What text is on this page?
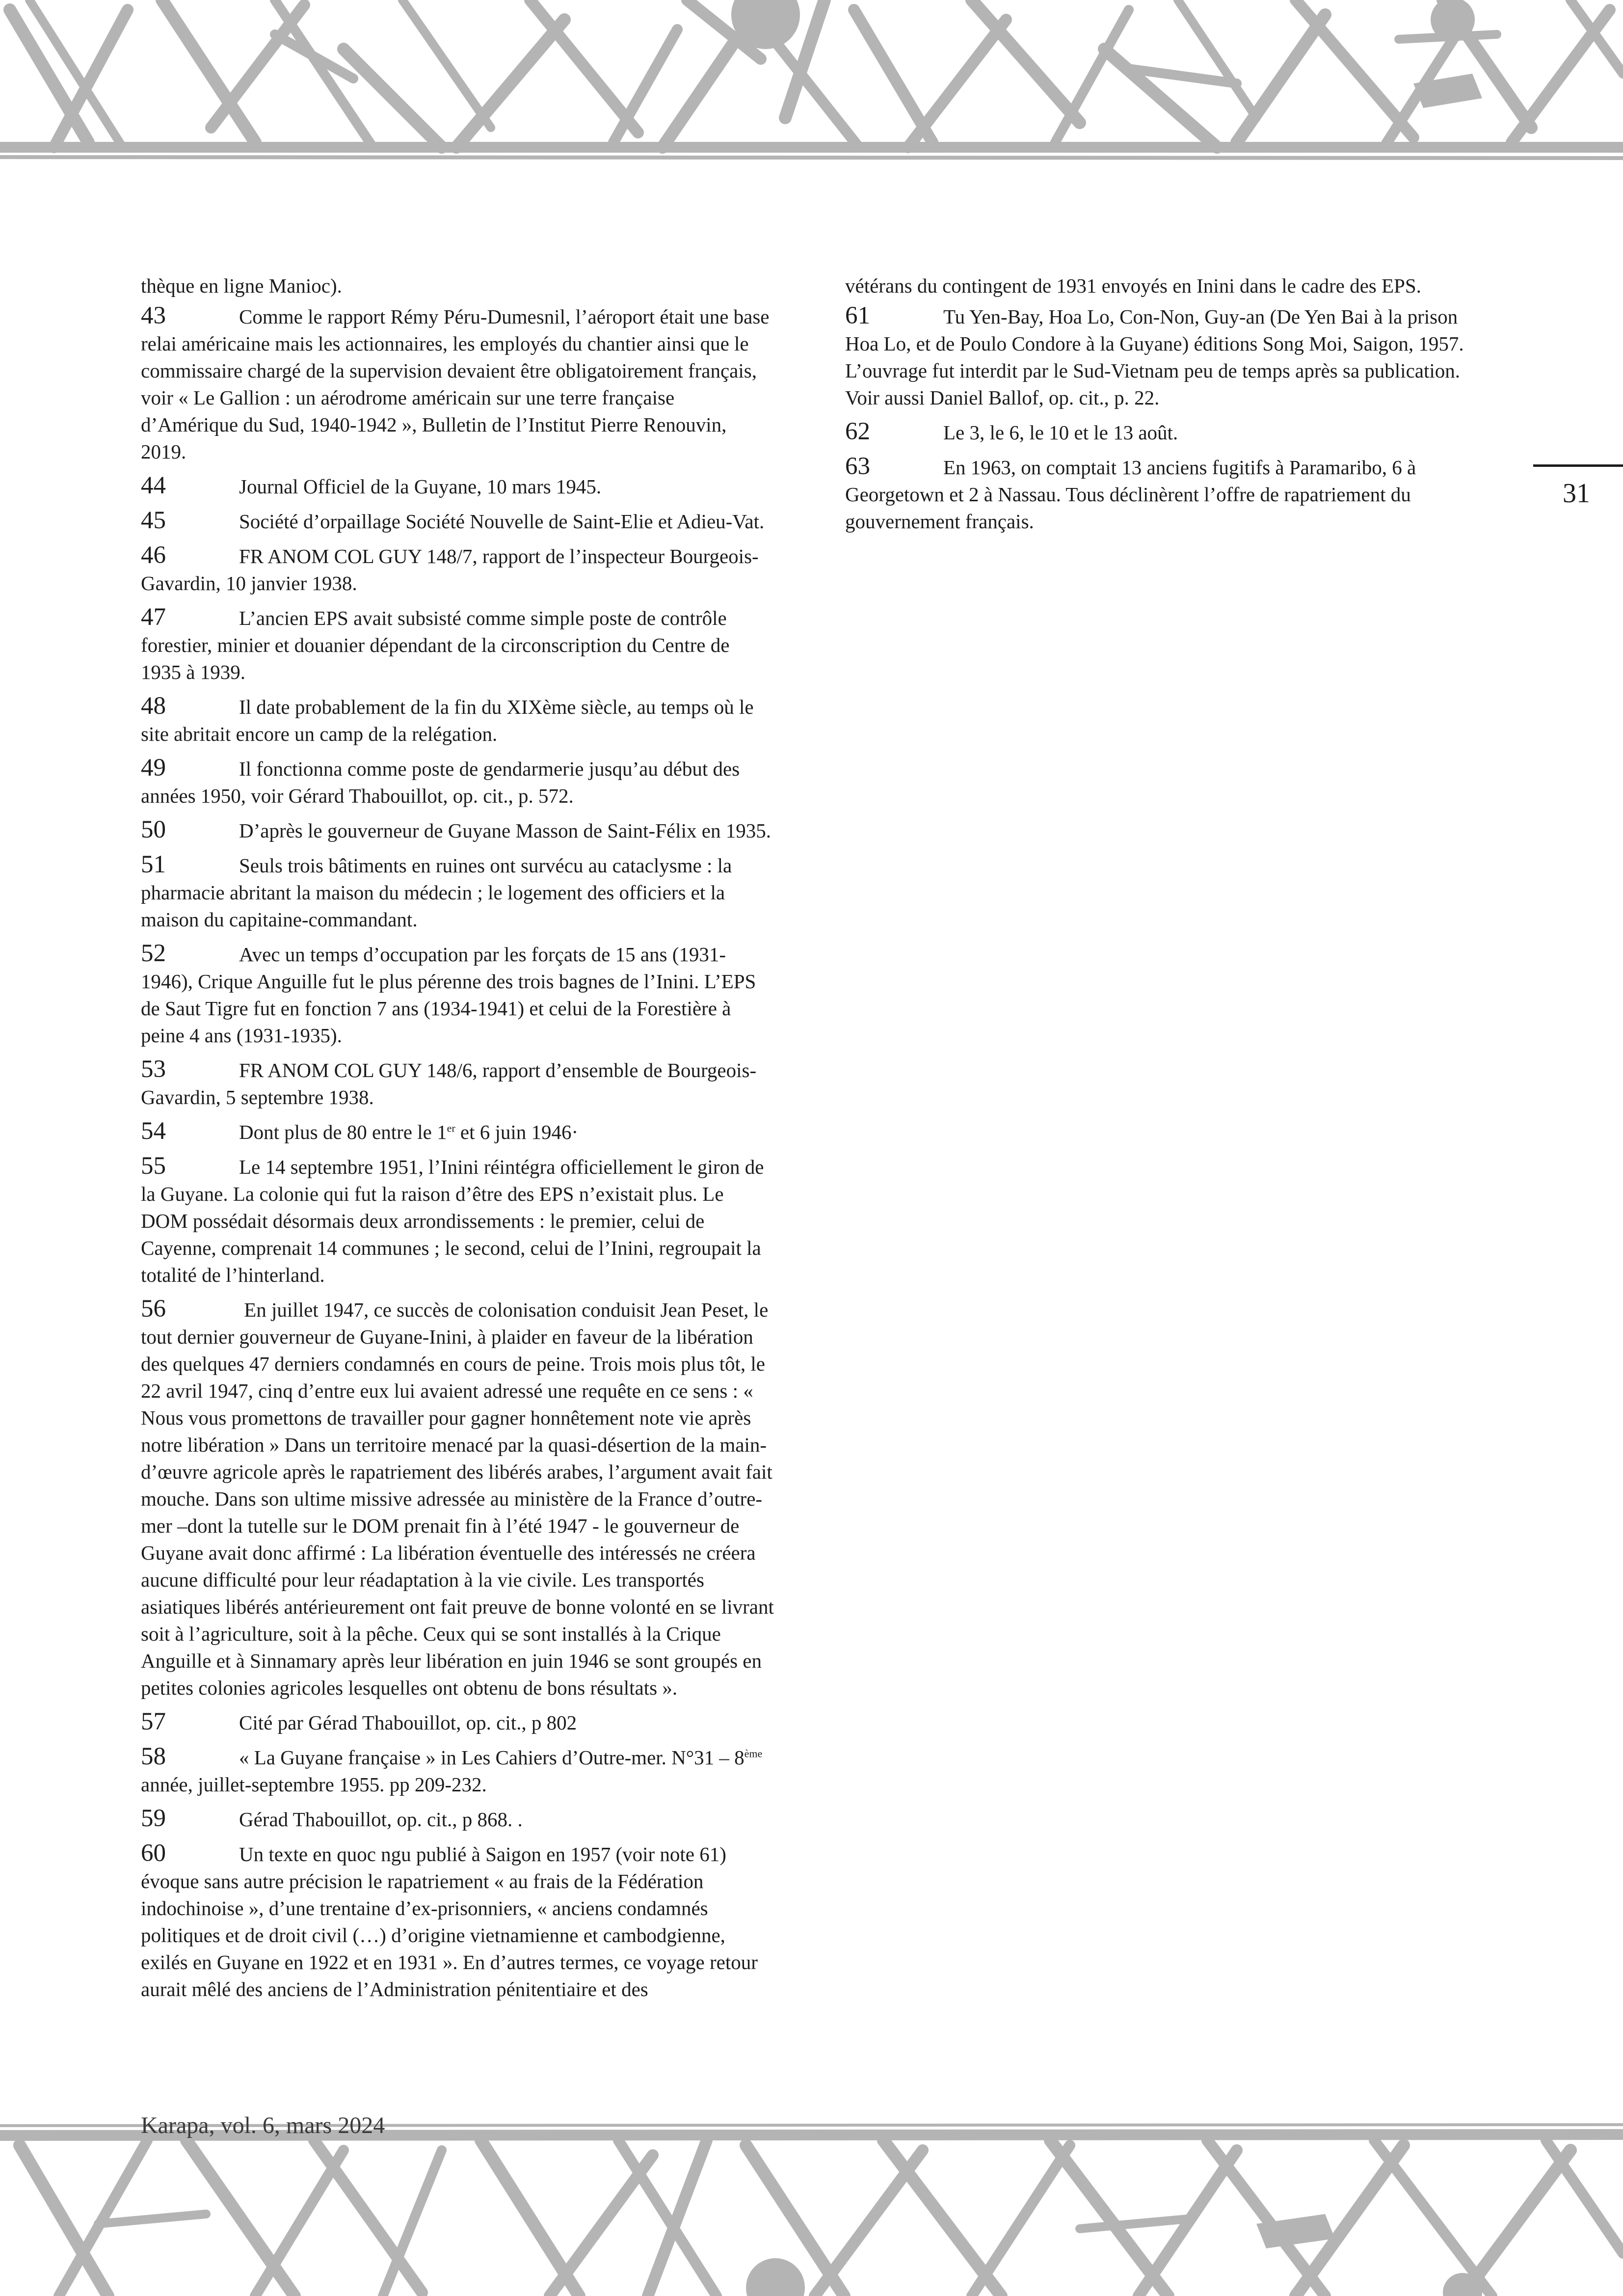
thèque en ligne Manioc).

43	Comme le rapport Rémy Péru-Dumesnil, l’aéroport était une base relai américaine mais les actionnaires, les employés du chantier ainsi que le commissaire chargé de la supervision devaient être obligatoirement français, voir « Le Gallion : un aérodrome américain sur une terre française d’Amérique du Sud, 1940-1942 », Bulletin de l’Institut Pierre Renouvin, 2019.
44	Journal Officiel de la Guyane, 10 mars 1945.
45	Société d’orpaillage Société Nouvelle de Saint-Elie et Adieu-Vat.
46	FR ANOM COL GUY 148/7, rapport de l’inspecteur Bourgeois-Gavardin, 10 janvier 1938.
47	L’ancien EPS avait subsisté comme simple poste de contrôle forestier, minier et douanier dépendant de la circonscription du Centre de 1935 à 1939.
48	Il date probablement de la fin du XIXème siècle, au temps où le site abritait encore un camp de la relégation.
49	Il fonctionna comme poste de gendarmerie jusqu’au début des années 1950, voir Gérard Thabouillot, op. cit., p. 572.
50	D’après le gouverneur de Guyane Masson de Saint-Félix en 1935.
51	Seuls trois bâtiments en ruines ont survécu au cataclysme : la pharmacie abritant la maison du médecin ; le logement des officiers et la maison du capitaine-commandant.
52	Avec un temps d’occupation par les forçats de 15 ans (1931-1946), Crique Anguille fut le plus pérenne des trois bagnes de l’Inini. L’EPS de Saut Tigre fut en fonction 7 ans (1934-1941) et celui de la Forestière à peine 4 ans (1931-1935).
53	FR ANOM COL GUY 148/6, rapport d’ensemble de Bourgeois-Gavardin, 5 septembre 1938.
54	Dont plus de 80 entre le 1er et 6 juin 1946·
55	Le 14 septembre 1951, l’Inini réintégra officiellement le giron de la Guyane. La colonie qui fut la raison d’être des EPS n’existait plus. Le DOM possédait désormais deux arrondissements : le premier, celui de Cayenne, comprenait 14 communes ; le second, celui de l’Inini, regroupait la totalité de l’hinterland.
56	En juillet 1947, ce succès de colonisation conduisit Jean Peset, le tout dernier gouverneur de Guyane-Inini, à plaider en faveur de la libération des quelques 47 derniers condamnés en cours de peine. Trois mois plus tôt, le 22 avril 1947, cinq d’entre eux lui avaient adressé une requête en ce sens : « Nous vous promettons de travailler pour gagner honnêtement note vie après notre libération » Dans un territoire menacé par la quasi-désertion de la main-d’œuvre agricole après le rapatriement des libérés arabes, l’argument avait fait mouche. Dans son ultime missive adressée au ministère de la France d’outre-mer –dont la tutelle sur le DOM prenait fin à l’été 1947 - le gouverneur de Guyane avait donc affirmé : La libération éventuelle des intéressés ne créera aucune difficulté pour leur réadaptation à la vie civile. Les transportés asiatiques libérés antérieurement ont fait preuve de bonne volonté en se livrant soit à l’agriculture, soit à la pêche. Ceux qui se sont installés à la Crique Anguille et à Sinnamary après leur libération en juin 1946 se sont groupés en petites colonies agricoles lesquelles ont obtenu de bons résultats ».
57	Cité par Gérad Thabouillot, op. cit., p 802
58	« La Guyane française » in Les Cahiers d’Outre-mer. N°31 – 8ème année, juillet-septembre 1955. pp 209-232.
59	Gérad Thabouillot, op. cit., p 868. .
60	Un texte en quoc ngu publié à Saigon en 1957 (voir note 61) évoque sans autre précision le rapatriement « au frais de la Fédération indochinoise », d’une trentaine d’ex-prisonniers, « anciens condamnés politiques et de droit civil (…) d’origine vietnamienne et cambodgienne, exilés en Guyane en 1922 et en 1931 ». En d’autres termes, ce voyage retour aurait mêlé des anciens de l’Administration pénitentiaire et des

vétérans du contingent de 1931 envoyés en Inini dans le cadre des EPS.

61	Tu Yen-Bay, Hoa Lo, Con-Non, Guy-an (De Yen Bai à la prison Hoa Lo, et de Poulo Condore à la Guyane) éditions Song Moi, Saigon, 1957. L’ouvrage fut interdit par le Sud-Vietnam peu de temps après sa publication. Voir aussi Daniel Ballof, op. cit., p. 22.
62	Le 3, le 6, le 10 et le 13 août.
63	En 1963, on comptait 13 anciens fugitifs à Paramaribo, 6 à Georgetown et 2 à Nassau. Tous déclinèrent l’offre de rapatriement du gouvernement français.
31
Karapa, vol. 6, mars 2024
